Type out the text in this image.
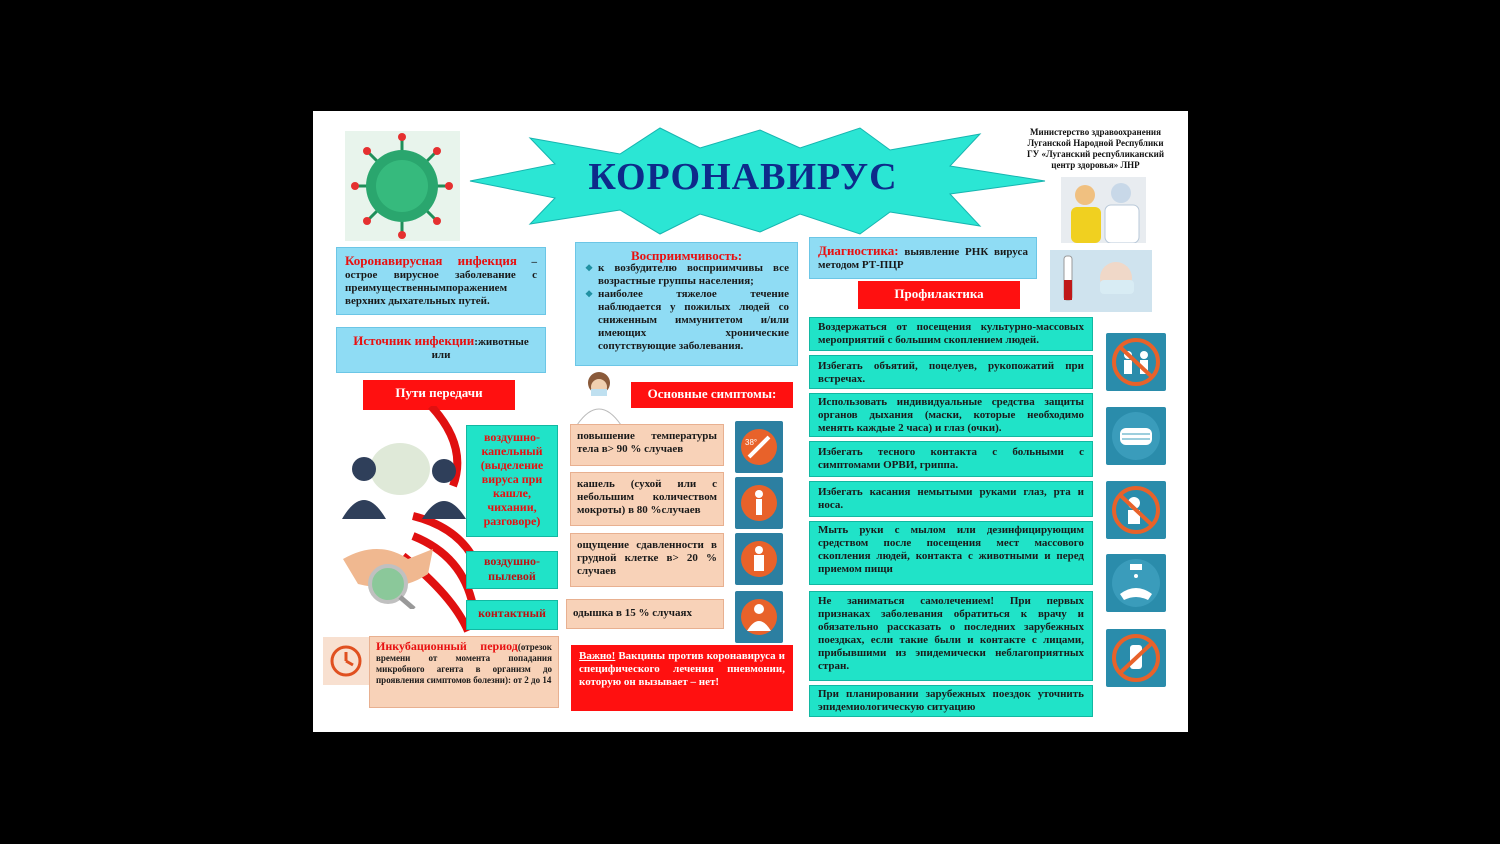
КОРОНАВИРУС
Министерство здравоохранения
Луганской Народной Республики
ГУ «Луганский республиканский
центр здоровья» ЛНР
Коронавирусная инфекция – острое вирусное заболевание с преимущественнымпоражением верхних дыхательных путей.
Источник инфекции:животные или
Пути передачи
воздушно-капельный (выделение вируса при кашле, чихании, разговоре)
воздушно-пылевой
контактный
Инкубационный период(отрезок времени от момента попадания микробного агента в организм до проявления симптомов болезни): от 2 до 14
Восприимчивость:
❖ к возбудителю восприимчивы все возрастные группы населения;
❖ наиболее тяжелое течение наблюдается у пожилых людей со сниженным иммунитетом и/или имеющих хронические сопутствующие заболевания.
Основные симптомы:
повышение температуры тела в> 90 % случаев
кашель (сухой или с небольшим количеством мокроты) в 80 %случаев
ощущение сдавленности в грудной клетке в> 20 % случаев
одышка в 15 % случаях
38°
Важно! Вакцины против коронавируса и специфического лечения пневмонии, которую он вызывает – нет!
Диагностика: выявление РНК вируса методом РТ-ПЦР
Профилактика
Воздержаться от посещения культурно-массовых мероприятий с большим скоплением людей.
Избегать объятий, поцелуев, рукопожатий при встречах.
Использовать индивидуальные средства защиты органов дыхания (маски, которые необходимо менять каждые 2 часа) и глаз (очки).
Избегать тесного контакта с больными с симптомами ОРВИ, гриппа.
Избегать касания немытыми руками глаз, рта и носа.
Мыть руки с мылом или дезинфицирующим средством после посещения мест массового скопления людей, контакта с животными и перед приемом пищи
Не заниматься самолечением! При первых признаках заболевания обратиться к врачу и обязательно рассказать о последних зарубежных поездках, если такие были и контакте с лицами, прибывшими из эпидемически неблагоприятных стран.
При планировании зарубежных поездок уточнить эпидемиологическую ситуацию
